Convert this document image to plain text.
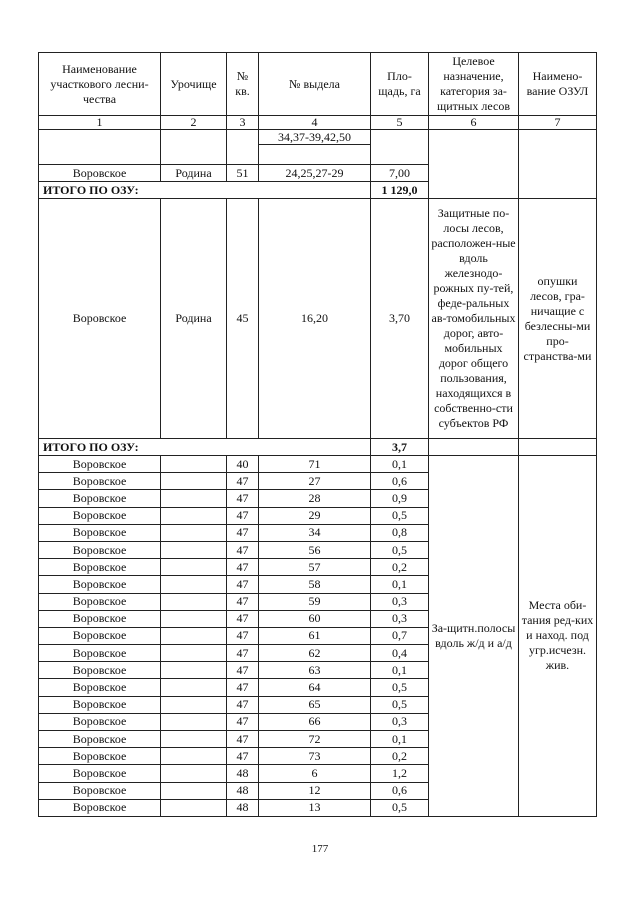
Наименование участкового лесни-чества	Урочище	№ кв.	№ выдела	Пло-щадь, га	Целевое назначение, категория за-щитных лесов	Наимено-вание ОЗУЛ
1	2	3	4	5	6	7
			34,37-39,42,50			

Воровское	Родина	51	24,25,27-29	7,00		
ИТОГО ПО ОЗУ:				1 129,0		
Воровское	Родина	45	16,20	3,70	Защитные по-лосы лесов, расположен-ные вдоль железнодо-рожных пу-тей, феде-ральных ав-томобильных дорог, авто-мобильных дорог общего пользования, находящихся в собственно-сти субъектов РФ	опушки лесов, гра-ничащие с безлесны-ми про-странства-ми
ИТОГО ПО ОЗУ:				3,7		
Воровское		40	71	0,1	За-щитн.полосы вдоль ж/д и а/д	Места оби-тания ред-ких и наход. под угр.исчезн. жив.
Воровское		47	27	0,6		
Воровское		47	28	0,9		
Воровское		47	29	0,5		
Воровское		47	34	0,8		
Воровское		47	56	0,5		
Воровское		47	57	0,2		
Воровское		47	58	0,1		
Воровское		47	59	0,3		
Воровское		47	60	0,3		
Воровское		47	61	0,7		
Воровское		47	62	0,4		
Воровское		47	63	0,1		
Воровское		47	64	0,5		
Воровское		47	65	0,5		
Воровское		47	66	0,3		
Воровское		47	72	0,1		
Воровское		47	73	0,2		
Воровское		48	6	1,2		
Воровское		48	12	0,6		
Воровское		48	13	0,5		
177
